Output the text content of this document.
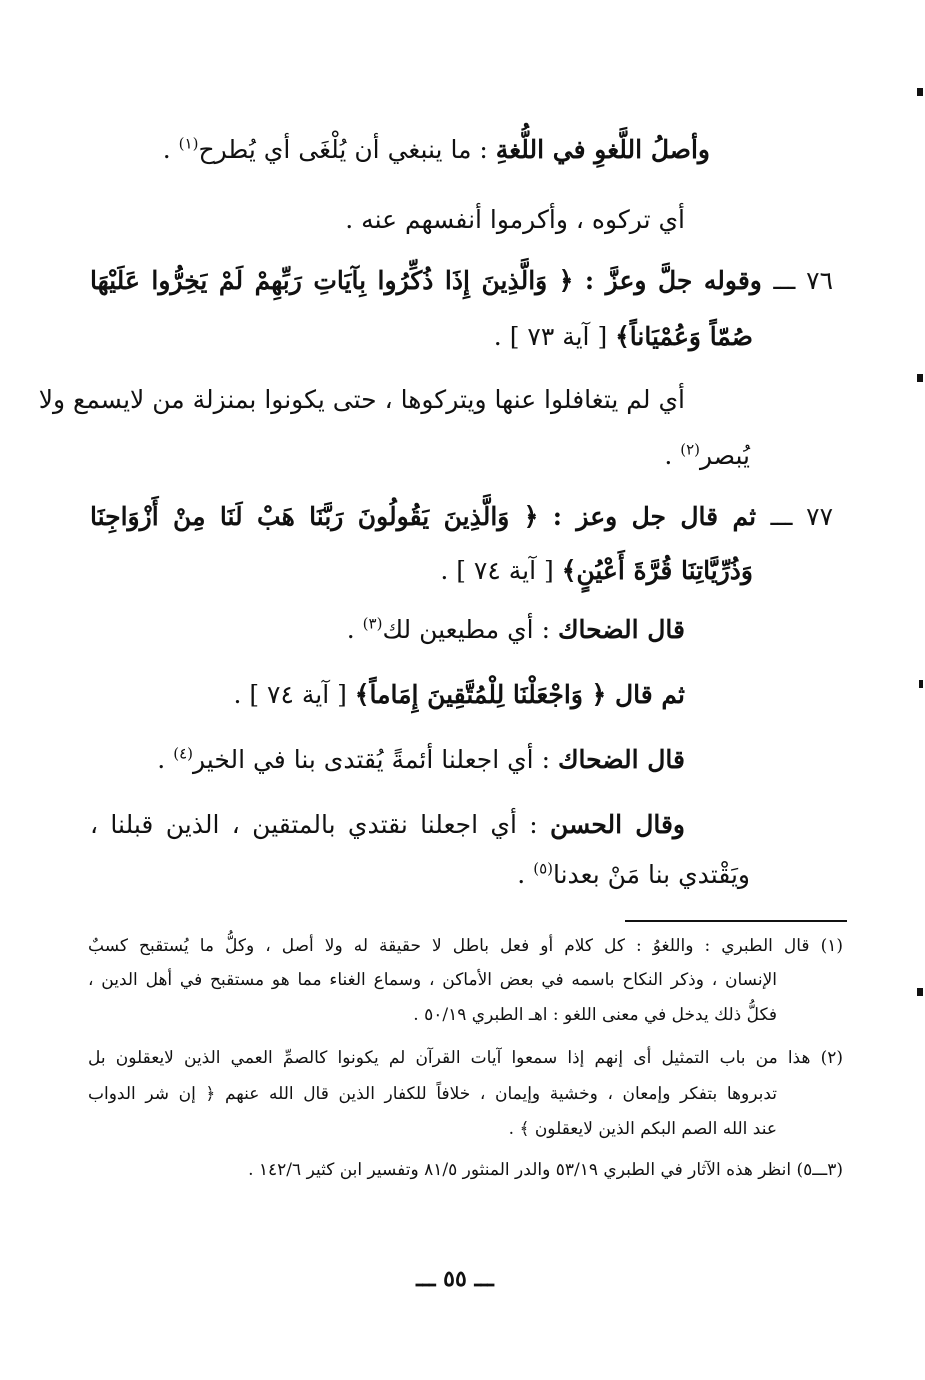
وأصلُ اللَّغوِ في اللُّغةِ : ما ينبغي أن يُلْغَى أي يُطرح$^{(١)}$ .
أي تركوه ، وأكرموا أنفسهم عنه .
٧٦ ـــ وقوله جلَّ وعزَّ : ﴿ وَالَّذِينَ إِذَا ذُكِّرُوا بِآيَاتِ رَبِّهِمْ لَمْ يَخِرُّوا عَلَيْهَا
صُمّاً وَعُمْيَاناً﴾ [ آية ٧٣ ] .
أي لم يتغافلوا عنها ويتركوها ، حتى يكونوا بمنزلة من لايسمع ولا
يُبصر$^{(٢)}$ .
٧٧ ـــ ثم قال جل وعز : ﴿ وَالَّذِينَ يَقُولُونَ رَبَّنَا هَبْ لَنَا مِنْ أَزْوَاجِنَا
وَذُرِّيَّاتِنَا قُرَّةَ أَعْيُنٍ﴾ [ آية ٧٤ ] .
قال الضحاك : أي مطيعين لك$^{(٣)}$ .
ثم قال ﴿ وَاجْعَلْنَا لِلْمُتَّقِينَ إِمَاماً﴾ [ آية ٧٤ ] .
قال الضحاك : أي اجعلنا أئمةً يُقتدى بنا في الخير$^{(٤)}$ .
وقال الحسن : أي اجعلنا نقتدي بالمتقين ، الذين قبلنا ،
ويَقْتدي بنا مَنْ بعدنا$^{(٥)}$ .
(١) قال الطبري : واللغوُ : كل كلام أو فعل باطل لا حقيقة له ولا أصل ، وكلُّ ما يُستقبح كسبٌ
الإنسان ، وذكر النكاح باسمه في بعض الأماكن ، وسماع الغناء مما هو مستقبح في أهل الدين ،
فكلُّ ذلك يدخل في معنى اللغو : اهـ الطبري ٥٠/١٩ .
(٢) هذا من باب التمثيل أى إنهم إذا سمعوا آيات القرآن لم يكونوا كالصمِّ العمي الذين لايعقلون بل
تدبروها بتفكر وإمعان ، وخشية وإيمان ، خلافاً للكفار الذين قال الله عنهم ﴿ إن شر الدواب
عند الله الصم البكم الذين لايعقلون ﴾ .
(٣ـــ٥) انظر هذه الآثار في الطبري ٥٣/١٩ والدر المنثور ٨١/٥ وتفسير ابن كثير ١٤٢/٦ .
ـــ ٥٥ ـــ
